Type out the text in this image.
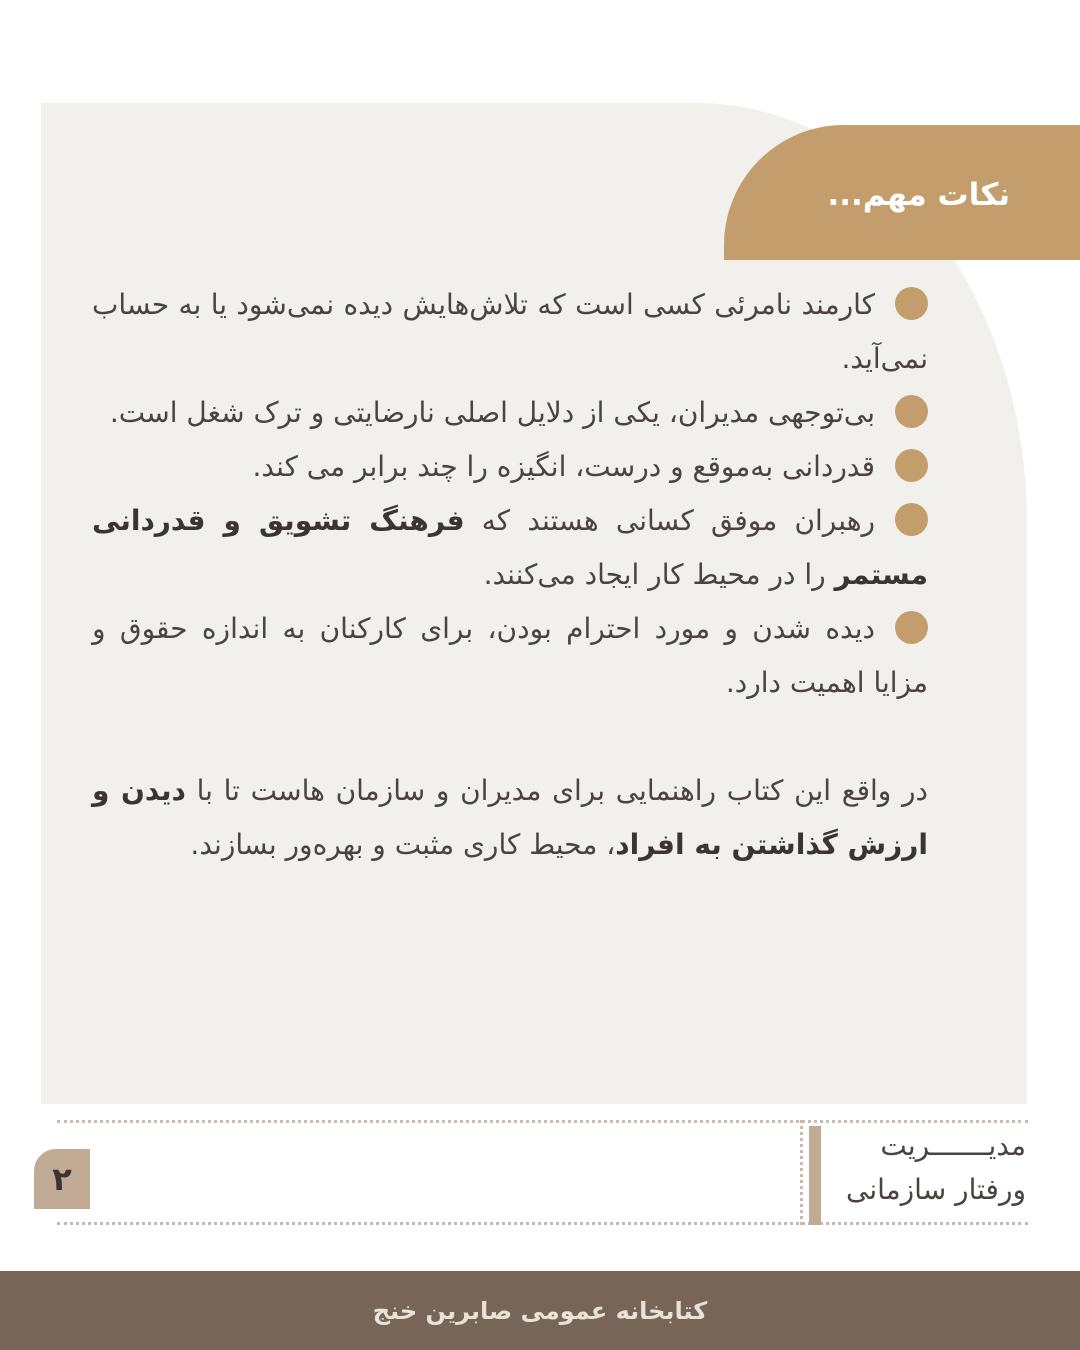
نکات مهم...
کارمند نامرئی کسی است که تلاش‌هایش دیده نمی‌شود یا به حساب نمی‌آید.
بی‌توجهی مدیران، یکی از دلایل اصلی نارضایتی و ترک شغل است.
قدردانی به‌موقع و درست، انگیزه را چند برابر می کند.
رهبران موفق کسانی هستند که فرهنگ تشویق و قدردانی مستمر را در محیط کار ایجاد می‌کنند.
دیده شدن و مورد احترام بودن، برای کارکنان به اندازه حقوق و مزایا اهمیت دارد.
در واقع این کتاب راهنمایی برای مدیران و سازمان هاست تا با دیدن و ارزش گذاشتن به افراد، محیط کاری مثبت و بهره‌ور بسازند.
۲
مدیـــــــریت
ورفتار سازمانی
کتابخانه عمومی صابرین خنج
